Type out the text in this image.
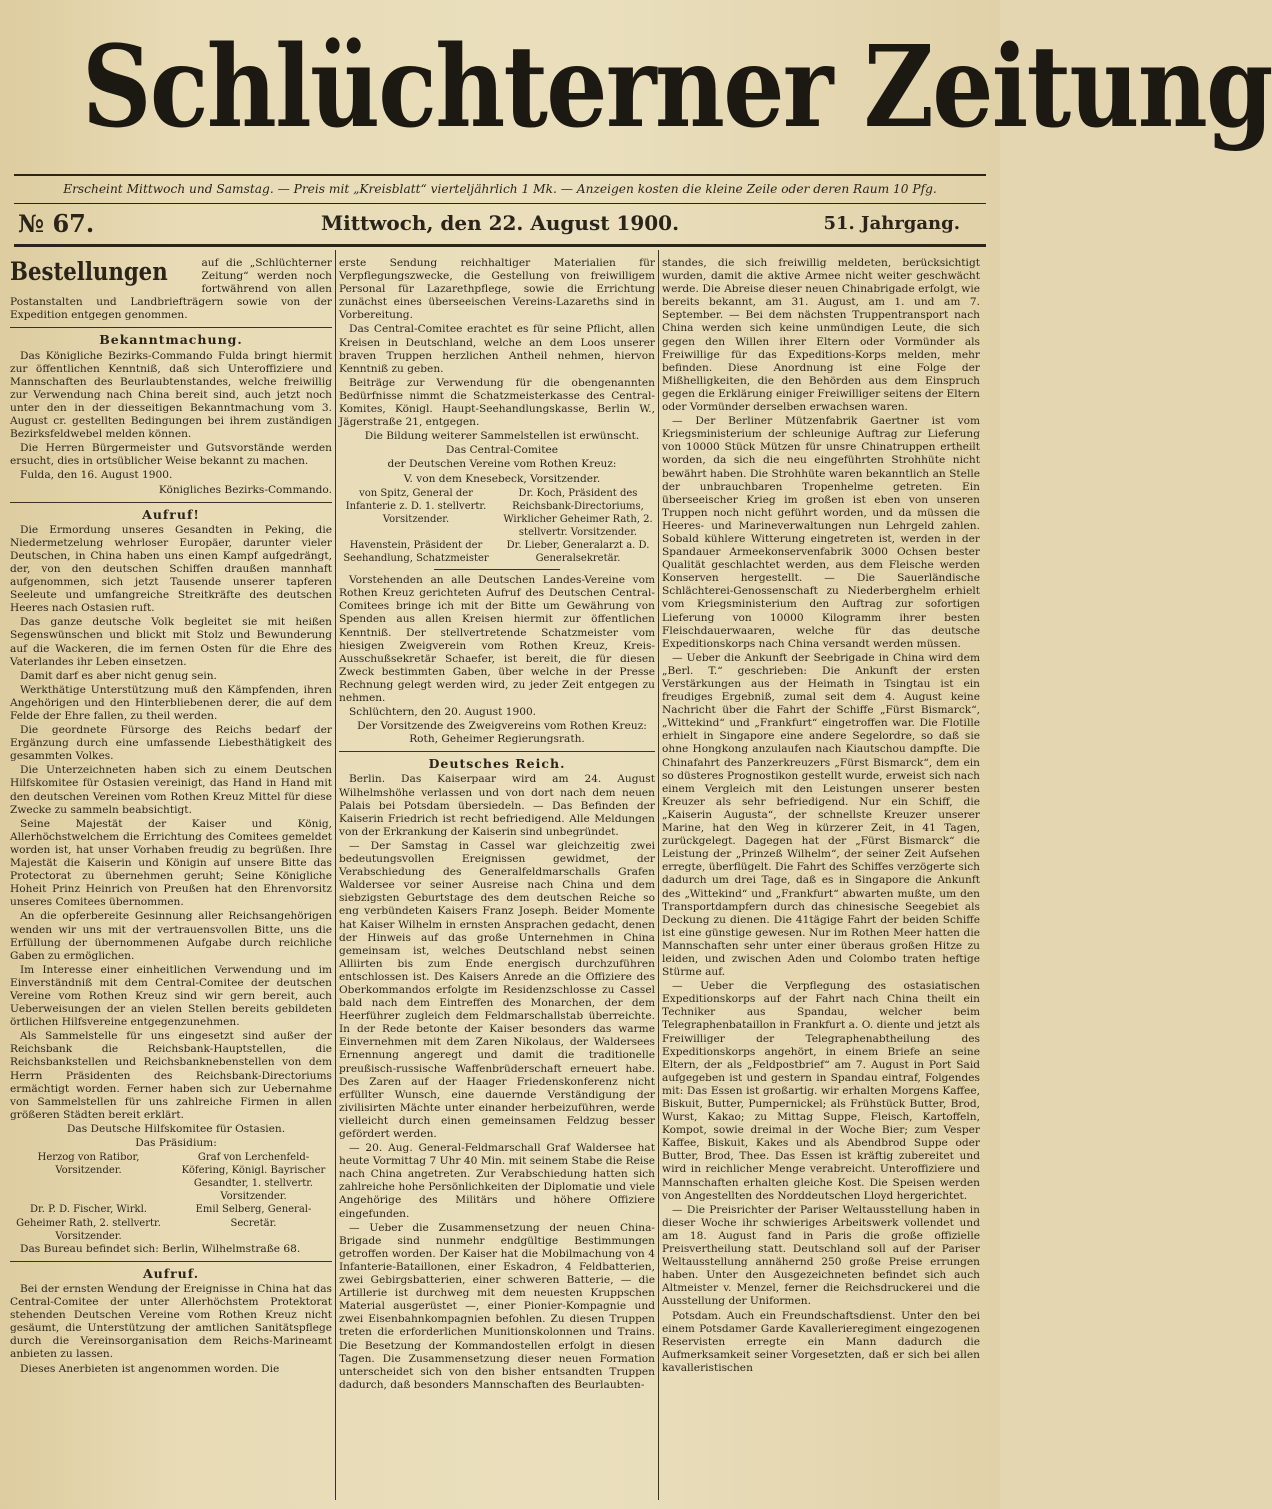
Schlüchterner Zeitung
Erscheint Mittwoch und Samstag. — Preis mit „Kreisblatt“ vierteljährlich 1 Mk. — Anzeigen kosten die kleine Zeile oder deren Raum 10 Pfg.
№ 67.	Mittwoch, den 22. August 1900.	51. Jahrgang.
Bestellungen	auf die „Schlüchterner Zeitung“ werden noch fortwährend von allen Postanstalten und Landbriefträgern sowie von der Expedition entgegen genommen.
Bekanntmachung.

Das Königliche Bezirks-Commando Fulda bringt hiermit zur öffentlichen Kenntniß, daß sich Unteroffiziere und Mannschaften des Beurlaubtenstandes, welche freiwillig zur Verwendung nach China bereit sind, auch jetzt noch unter den in der diesseitigen Bekanntmachung vom 3. August cr. gestellten Bedingungen bei ihrem zuständigen Bezirksfeldwebel melden können.

Die Herren Bürgermeister und Gutsvorstände werden ersucht, dies in ortsüblicher Weise bekannt zu machen.

Fulda, den 16. August 1900.

Königliches Bezirks-Commando.

Aufruf!

Die Ermordung unseres Gesandten in Peking, die Niedermetzelung wehrloser Europäer, darunter vieler Deutschen, in China haben uns einen Kampf aufgedrängt, der, von den deutschen Schiffen draußen mannhaft aufgenommen, sich jetzt Tausende unserer tapferen Seeleute und umfangreiche Streitkräfte des deutschen Heeres nach Ostasien ruft.

Das ganze deutsche Volk begleitet sie mit heißen Segenswünschen und blickt mit Stolz und Bewunderung auf die Wackeren, die im fernen Osten für die Ehre des Vaterlandes ihr Leben einsetzen.

Damit darf es aber nicht genug sein.

Werkthätige Unterstützung muß den Kämpfenden, ihren Angehörigen und den Hinterbliebenen derer, die auf dem Felde der Ehre fallen, zu theil werden.

Die geordnete Fürsorge des Reichs bedarf der Ergänzung durch eine umfassende Liebesthätigkeit des gesammten Volkes.

Die Unterzeichneten haben sich zu einem Deutschen Hilfskomitee für Ostasien vereinigt, das Hand in Hand mit den deutschen Vereinen vom Rothen Kreuz Mittel für diese Zwecke zu sammeln beabsichtigt.

Seine Majestät der Kaiser und König, Allerhöchstwelchem die Errichtung des Comitees gemeldet worden ist, hat unser Vorhaben freudig zu begrüßen. Ihre Majestät die Kaiserin und Königin auf unsere Bitte das Protectorat zu übernehmen geruht; Seine Königliche Hoheit Prinz Heinrich von Preußen hat den Ehrenvorsitz unseres Comitees übernommen.

An die opferbereite Gesinnung aller Reichsangehörigen wenden wir uns mit der vertrauensvollen Bitte, uns die Erfüllung der übernommenen Aufgabe durch reichliche Gaben zu ermöglichen.

Im Interesse einer einheitlichen Verwendung und im Einverständniß mit dem Central-Comitee der deutschen Vereine vom Rothen Kreuz sind wir gern bereit, auch Ueberweisungen der an vielen Stellen bereits gebildeten örtlichen Hilfsvereine entgegenzunehmen.

Als Sammelstelle für uns eingesetzt sind außer der Reichsbank die Reichsbank-Hauptstellen, die Reichsbankstellen und Reichsbanknebenstellen von dem Herrn Präsidenten des Reichsbank-Directoriums ermächtigt worden. Ferner haben sich zur Uebernahme von Sammelstellen für uns zahlreiche Firmen in allen größeren Städten bereit erklärt.

Das Deutsche Hilfskomitee für Ostasien.

Das Präsidium:

Herzog von Ratibor, Vorsitzender.
Graf von Lerchenfeld-Köfering, Königl. Bayrischer Gesandter, 1. stellvertr. Vorsitzender.
Dr. P. D. Fischer, Wirkl. Geheimer Rath, 2. stellvertr. Vorsitzender.
Emil Selberg, General-Secretär.

Das Bureau befindet sich: Berlin, Wilhelmstraße 68.

Aufruf.

Bei der ernsten Wendung der Ereignisse in China hat das Central-Comitee der unter Allerhöchstem Protektorat stehenden Deutschen Vereine vom Rothen Kreuz nicht gesäumt, die Unterstützung der amtlichen Sanitätspflege durch die Vereinsorganisation dem Reichs-Marineamt anbieten zu lassen.

Dieses Anerbieten ist angenommen worden. Die

erste Sendung reichhaltiger Materialien für Verpflegungszwecke, die Gestellung von freiwilligem Personal für Lazarethpflege, sowie die Errichtung zunächst eines überseeischen Vereins-Lazareths sind in Vorbereitung.

Das Central-Comitee erachtet es für seine Pflicht, allen Kreisen in Deutschland, welche an dem Loos unserer braven Truppen herzlichen Antheil nehmen, hiervon Kenntniß zu geben.

Beiträge zur Verwendung für die obengenannten Bedürfnisse nimmt die Schatzmeisterkasse des Central-Komites, Königl. Haupt-Seehandlungskasse, Berlin W., Jägerstraße 21, entgegen.

Die Bildung weiterer Sammelstellen ist erwünscht.

Das Central-Comitee

der Deutschen Vereine vom Rothen Kreuz:

V. von dem Knesebeck, Vorsitzender.

von Spitz, General der Infanterie z. D. 1. stellvertr. Vorsitzender.
Dr. Koch, Präsident des Reichsbank-Directoriums, Wirklicher Geheimer Rath, 2. stellvertr. Vorsitzender.
Havenstein, Präsident der Seehandlung, Schatzmeister
Dr. Lieber, Generalarzt a. D. Generalsekretär.

Vorstehenden an alle Deutschen Landes-Vereine vom Rothen Kreuz gerichteten Aufruf des Deutschen Central-Comitees bringe ich mit der Bitte um Gewährung von Spenden aus allen Kreisen hiermit zur öffentlichen Kenntniß. Der stellvertretende Schatzmeister vom hiesigen Zweigverein vom Rothen Kreuz, Kreis-Ausschußsekretär Schaefer, ist bereit, die für diesen Zweck bestimmten Gaben, über welche in der Presse Rechnung gelegt werden wird, zu jeder Zeit entgegen zu nehmen.

Schlüchtern, den 20. August 1900.

Der Vorsitzende des Zweigvereins vom Rothen Kreuz: Roth, Geheimer Regierungsrath.

Deutsches Reich.

Berlin. Das Kaiserpaar wird am 24. August Wilhelmshöhe verlassen und von dort nach dem neuen Palais bei Potsdam übersiedeln. — Das Befinden der Kaiserin Friedrich ist recht befriedigend. Alle Meldungen von der Erkrankung der Kaiserin sind unbegründet.

— Der Samstag in Cassel war gleichzeitig zwei bedeutungsvollen Ereignissen gewidmet, der Verabschiedung des Generalfeldmarschalls Grafen Waldersee vor seiner Ausreise nach China und dem siebzigsten Geburtstage des dem deutschen Reiche so eng verbündeten Kaisers Franz Joseph. Beider Momente hat Kaiser Wilhelm in ernsten Ansprachen gedacht, denen der Hinweis auf das große Unternehmen in China gemeinsam ist, welches Deutschland nebst seinen Alliirten bis zum Ende energisch durchzuführen entschlossen ist. Des Kaisers Anrede an die Offiziere des Oberkommandos erfolgte im Residenzschlosse zu Cassel bald nach dem Eintreffen des Monarchen, der dem Heerführer zugleich dem Feldmarschallstab überreichte. In der Rede betonte der Kaiser besonders das warme Einvernehmen mit dem Zaren Nikolaus, der Waldersees Ernennung angeregt und damit die traditionelle preußisch-russische Waffenbrüderschaft erneuert habe. Des Zaren auf der Haager Friedenskonferenz nicht erfüllter Wunsch, eine dauernde Verständigung der zivilisirten Mächte unter einander herbeizuführen, werde vielleicht durch einen gemeinsamen Feldzug besser gefördert werden.

— 20. Aug. General-Feldmarschall Graf Waldersee hat heute Vormittag 7 Uhr 40 Min. mit seinem Stabe die Reise nach China angetreten. Zur Verabschiedung hatten sich zahlreiche hohe Persönlichkeiten der Diplomatie und viele Angehörige des Militärs und höhere Offiziere eingefunden.

— Ueber die Zusammensetzung der neuen China-Brigade sind nunmehr endgültige Bestimmungen getroffen worden. Der Kaiser hat die Mobilmachung von 4 Infanterie-Bataillonen, einer Eskadron, 4 Feldbatterien, zwei Gebirgsbatterien, einer schweren Batterie, — die Artillerie ist durchweg mit dem neuesten Kruppschen Material ausgerüstet —, einer Pionier-Kompagnie und zwei Eisenbahnkompagnien befohlen. Zu diesen Truppen treten die erforderlichen Munitionskolonnen und Trains. Die Besetzung der Kommandostellen erfolgt in diesen Tagen. Die Zusammensetzung dieser neuen Formation unterscheidet sich von den bisher entsandten Truppen dadurch, daß besonders Mannschaften des Beurlaubten-

standes, die sich freiwillig meldeten, berücksichtigt wurden, damit die aktive Armee nicht weiter geschwächt werde. Die Abreise dieser neuen Chinabrigade erfolgt, wie bereits bekannt, am 31. August, am 1. und am 7. September. — Bei dem nächsten Truppentransport nach China werden sich keine unmündigen Leute, die sich gegen den Willen ihrer Eltern oder Vormünder als Freiwillige für das Expeditions-Korps melden, mehr befinden. Diese Anordnung ist eine Folge der Mißhelligkeiten, die den Behörden aus dem Einspruch gegen die Erklärung einiger Freiwilliger seitens der Eltern oder Vormünder derselben erwachsen waren.

— Der Berliner Mützenfabrik Gaertner ist vom Kriegsministerium der schleunige Auftrag zur Lieferung von 10000 Stück Mützen für unsre Chinatruppen ertheilt worden, da sich die neu eingeführten Strohhüte nicht bewährt haben. Die Strohhüte waren bekanntlich an Stelle der unbrauchbaren Tropenhelme getreten. Ein überseeischer Krieg im großen ist eben von unseren Truppen noch nicht geführt worden, und da müssen die Heeres- und Marineverwaltungen nun Lehrgeld zahlen. Sobald kühlere Witterung eingetreten ist, werden in der Spandauer Armeekonservenfabrik 3000 Ochsen bester Qualität geschlachtet werden, aus dem Fleische werden Konserven hergestellt. — Die Sauerländische Schlächterei-Genossenschaft zu Niederberghelm erhielt vom Kriegsministerium den Auftrag zur sofortigen Lieferung von 10000 Kilogramm ihrer besten Fleischdauerwaaren, welche für das deutsche Expeditionskorps nach China versandt werden müssen.

— Ueber die Ankunft der Seebrigade in China wird dem „Berl. T.“ geschrieben: Die Ankunft der ersten Verstärkungen aus der Heimath in Tsingtau ist ein freudiges Ergebniß, zumal seit dem 4. August keine Nachricht über die Fahrt der Schiffe „Fürst Bismarck“, „Wittekind“ und „Frankfurt“ eingetroffen war. Die Flotille erhielt in Singapore eine andere Segelordre, so daß sie ohne Hongkong anzulaufen nach Kiautschou dampfte. Die Chinafahrt des Panzerkreuzers „Fürst Bismarck“, dem ein so düsteres Prognostikon gestellt wurde, erweist sich nach einem Vergleich mit den Leistungen unserer besten Kreuzer als sehr befriedigend. Nur ein Schiff, die „Kaiserin Augusta“, der schnellste Kreuzer unserer Marine, hat den Weg in kürzerer Zeit, in 41 Tagen, zurückgelegt. Dagegen hat der „Fürst Bismarck“ die Leistung der „Prinzeß Wilhelm“, der seiner Zeit Aufsehen erregte, überflügelt. Die Fahrt des Schiffes verzögerte sich dadurch um drei Tage, daß es in Singapore die Ankunft des „Wittekind“ und „Frankfurt“ abwarten mußte, um den Transportdampfern durch das chinesische Seegebiet als Deckung zu dienen. Die 41tägige Fahrt der beiden Schiffe ist eine günstige gewesen. Nur im Rothen Meer hatten die Mannschaften sehr unter einer überaus großen Hitze zu leiden, und zwischen Aden und Colombo traten heftige Stürme auf.

— Ueber die Verpflegung des ostasiatischen Expeditionskorps auf der Fahrt nach China theilt ein Techniker aus Spandau, welcher beim Telegraphenbataillon in Frankfurt a. O. diente und jetzt als Freiwilliger der Telegraphenabtheilung des Expeditionskorps angehört, in einem Briefe an seine Eltern, der als „Feldpostbrief“ am 7. August in Port Said aufgegeben ist und gestern in Spandau eintraf, Folgendes mit: Das Essen ist großartig. wir erhalten Morgens Kaffee, Biskuit, Butter, Pumpernickel; als Frühstück Butter, Brod, Wurst, Kakao; zu Mittag Suppe, Fleisch, Kartoffeln, Kompot, sowie dreimal in der Woche Bier; zum Vesper Kaffee, Biskuit, Kakes und als Abendbrod Suppe oder Butter, Brod, Thee. Das Essen ist kräftig zubereitet und wird in reichlicher Menge verabreicht. Unteroffiziere und Mannschaften erhalten gleiche Kost. Die Speisen werden von Angestellten des Norddeutschen Lloyd hergerichtet.

— Die Preisrichter der Pariser Weltausstellung haben in dieser Woche ihr schwieriges Arbeitswerk vollendet und am 18. August fand in Paris die große offizielle Preisvertheilung statt. Deutschland soll auf der Pariser Weltausstellung annähernd 250 große Preise errungen haben. Unter den Ausgezeichneten befindet sich auch Altmeister v. Menzel, ferner die Reichsdruckerei und die Ausstellung der Uniformen.

Potsdam. Auch ein Freundschaftsdienst. Unter den bei einem Potsdamer Garde Kavallerieregiment eingezogenen Reservisten erregte ein Mann dadurch die Aufmerksamkeit seiner Vorgesetzten, daß er sich bei allen kavalleristischen
